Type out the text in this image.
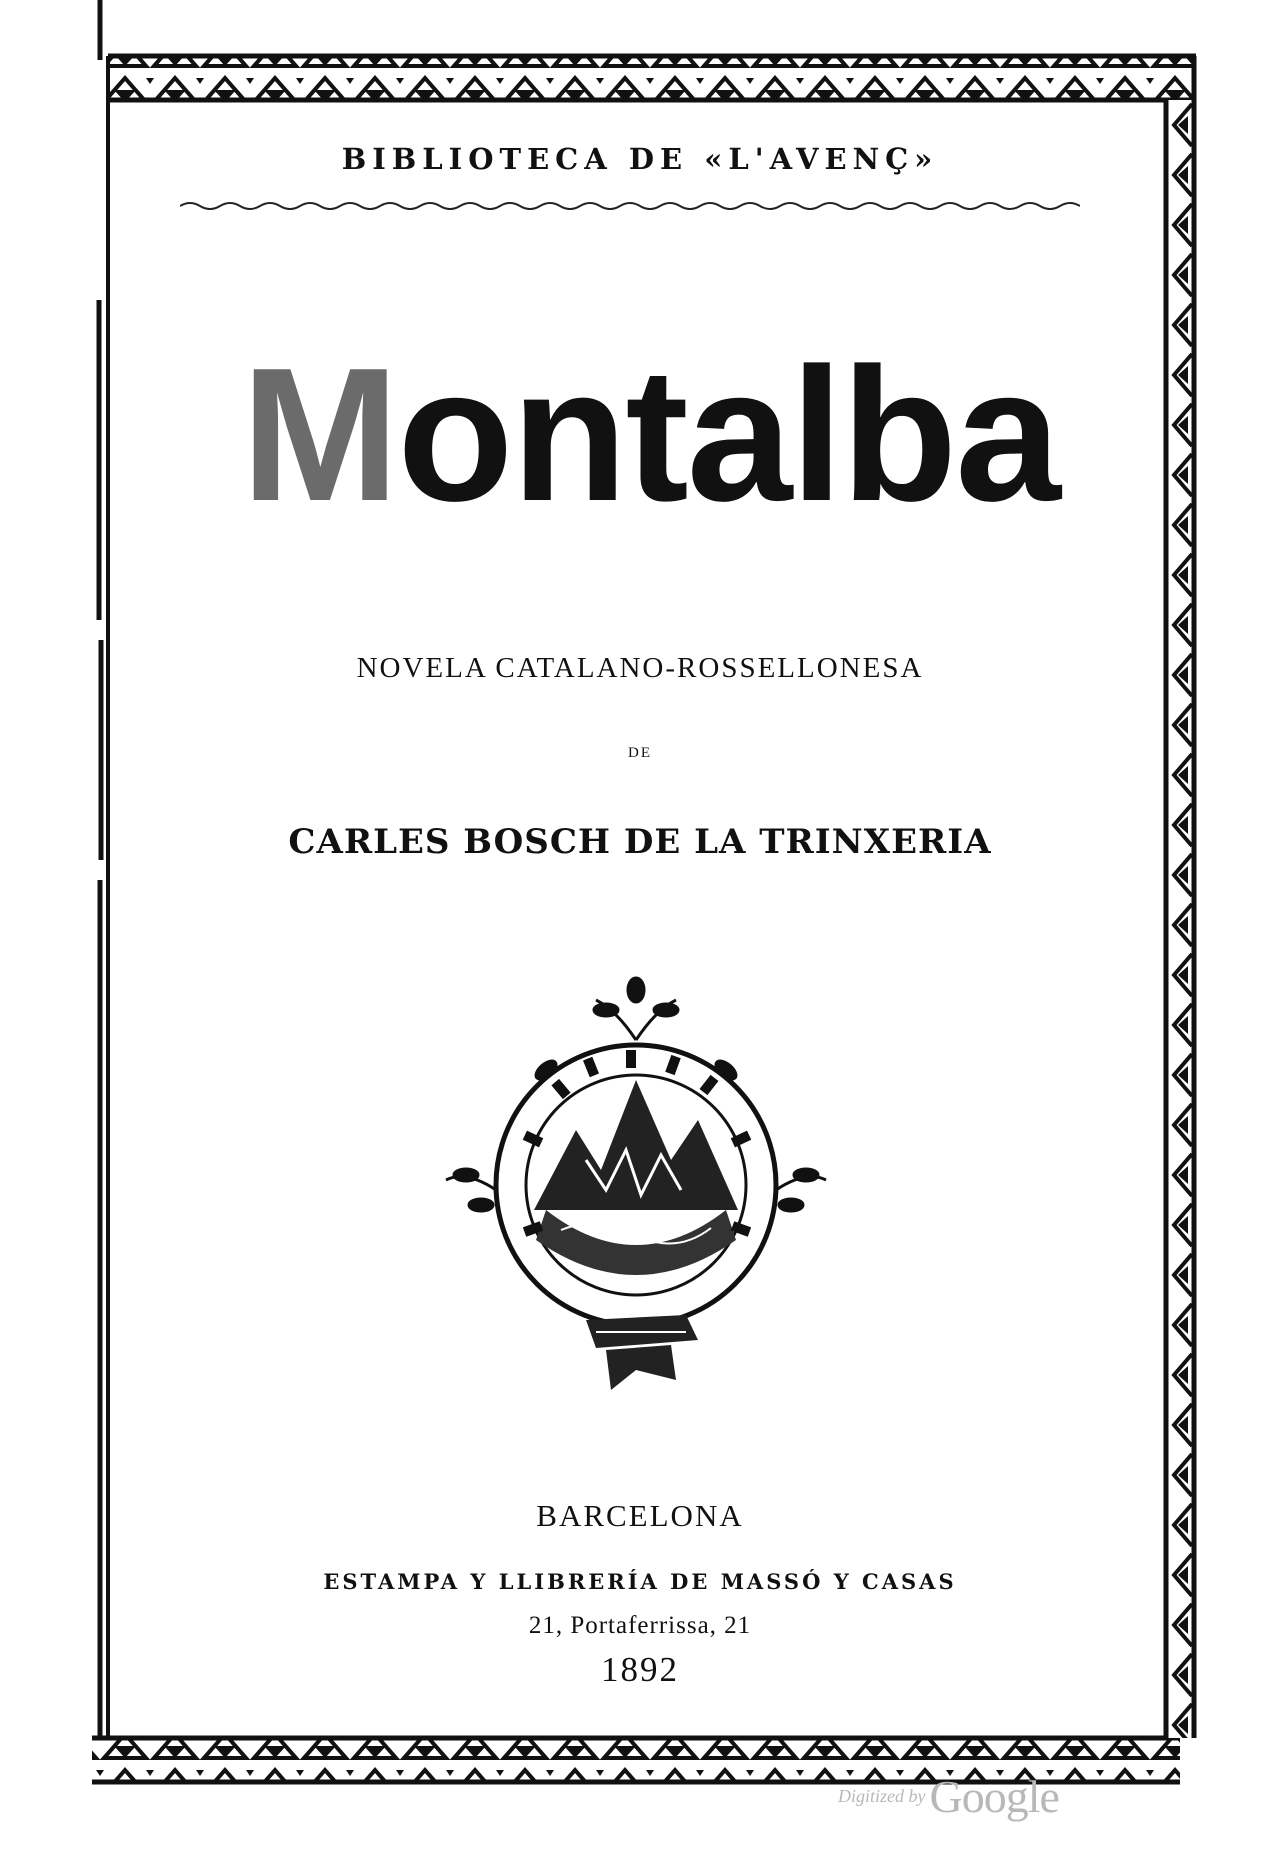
BIBLIOTECA DE «L'AVENÇ»
Montalba
NOVELA CATALANO-ROSSELLONESA
DE
CARLES BOSCH DE LA TRINXERIA
BARCELONA
ESTAMPA Y LLIBRERÍA DE MASSÓ Y CASAS
21, Portaferrissa, 21
1892
Digitized by Google
